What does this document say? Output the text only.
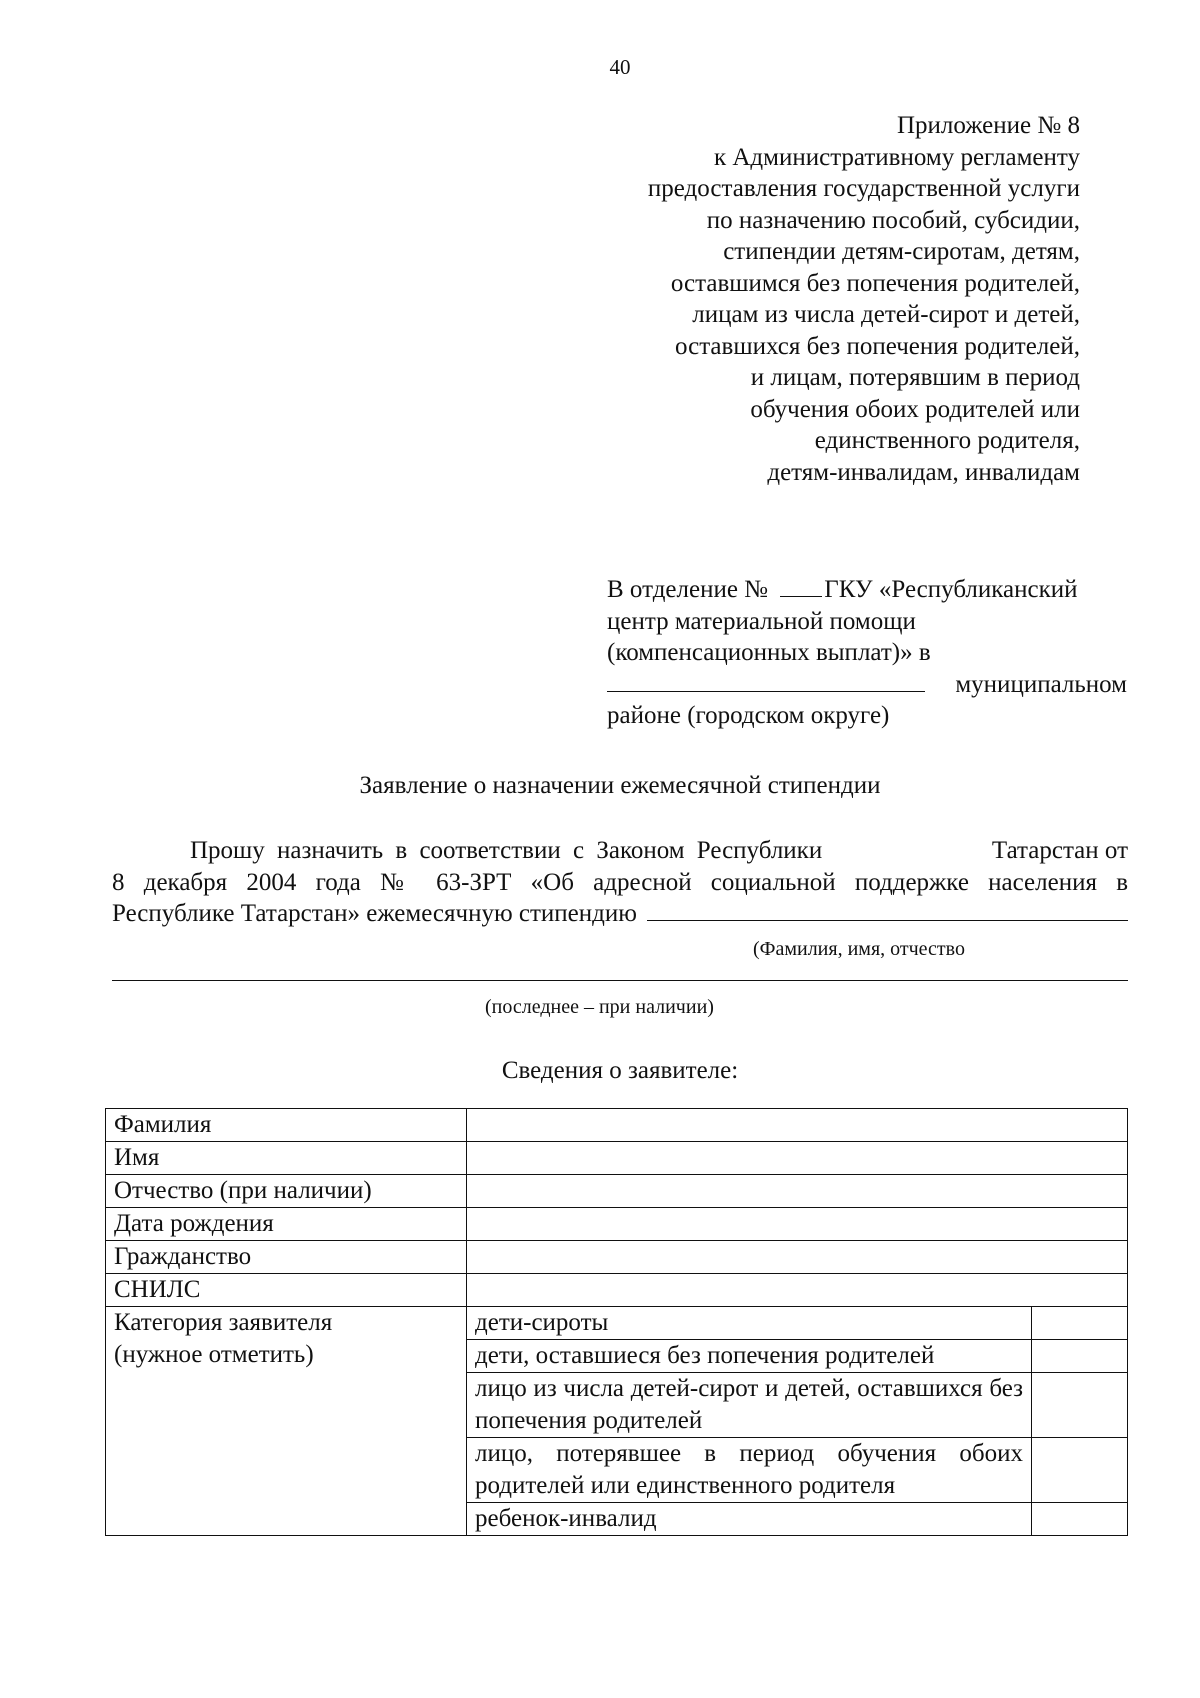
40
Приложение № 8
к Административному регламенту
предоставления государственной услуги
по назначению пособий, субсидии,
стипендии детям-сиротам, детям,
оставшимся без попечения родителей,
лицам из числа детей-сирот и детей,
оставшихся без попечения родителей,
и лицам, потерявшим в период
обучения обоих родителей или
единственного родителя,
детям-инвалидам, инвалидам
В отделение № ГКУ «Республиканский
центр материальной помощи
(компенсационных выплат)» в
муниципальном
районе (городском округе)
Заявление о назначении ежемесячной стипендии
Прошу назначить в соответствии с Законом Республики	Татарстан от
8 декабря 2004 года № 63-ЗРТ «Об адресной социальной поддержке населения в
Республике Татарстан» ежемесячную стипендию
(Фамилия, имя, отчество
(последнее – при наличии)
Сведения о заявителе:
Фамилия		
Имя		
Отчество (при наличии)		
Дата рождения		
Гражданство		
СНИЛС		

Категория заявителя
(нужное отметить)	дети-сироты	
	дети, оставшиеся без попечения родителей	
	лицо из числа детей-сирот и детей, оставшихся без попечения родителей	
	лицо, потерявшее в период обучения обоих родителей или единственного родителя	
	ребенок-инвалид	
